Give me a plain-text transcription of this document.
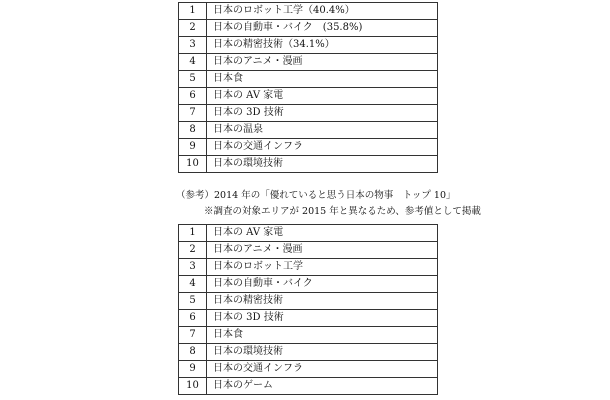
1	日本のロボット工学（40.4%）
2	日本の自動車・バイク　(35.8%)
3	日本の精密技術（34.1%）
4	日本のアニメ・漫画
5	日本食
6	日本の AV 家電
7	日本の 3D 技術
8	日本の温泉
9	日本の交通インフラ
10	日本の環境技術
（参考）2014 年の「優れていると思う日本の物事　トップ 10」
※調査の対象エリアが 2015 年と異なるため、参考値として掲載
1	日本の AV 家電
2	日本のアニメ・漫画
3	日本のロボット工学
4	日本の自動車・バイク
5	日本の精密技術
6	日本の 3D 技術
7	日本食
8	日本の環境技術
9	日本の交通インフラ
10	日本のゲーム
